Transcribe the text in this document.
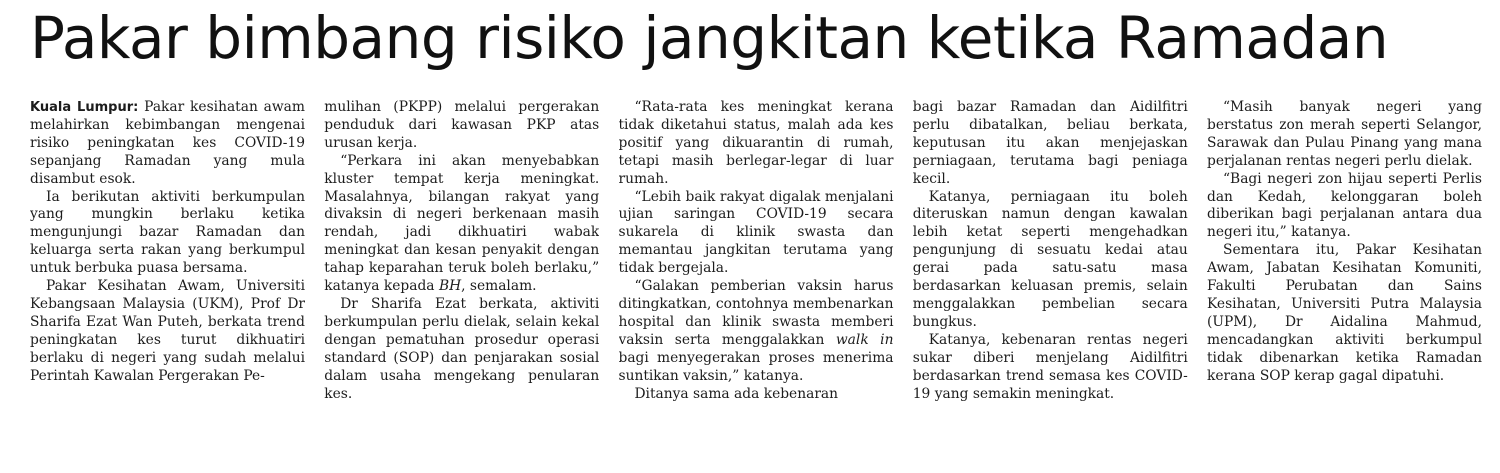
Pakar bimbang risiko jangkitan ketika Ramadan

Kuala Lumpur: Pakar kesihatan awam melahirkan kebimbangan mengenai risiko peningkatan kes COVID-19 sepanjang Ramadan yang mula disambut esok.

Ia berikutan aktiviti berkumpulan yang mungkin berlaku ketika mengunjungi bazar Ramadan dan keluarga serta rakan yang berkumpul untuk berbuka puasa bersama.

Pakar Kesihatan Awam, Universiti Kebangsaan Malaysia (UKM), Prof Dr Sharifa Ezat Wan Puteh, berkata trend peningkatan kes turut dikhuatiri berlaku di negeri yang sudah melalui Perintah Kawalan Pergerakan Pe-

mulihan (PKPP) melalui pergerakan penduduk dari kawasan PKP atas urusan kerja.

“Perkara ini akan menyebabkan kluster tempat kerja meningkat. Masalahnya, bilangan rakyat yang divaksin di negeri berkenaan masih rendah, jadi dikhuatiri wabak meningkat dan kesan penyakit dengan tahap keparahan teruk boleh berlaku,” katanya kepada BH, semalam.

Dr Sharifa Ezat berkata, aktiviti berkumpulan perlu dielak, selain kekal dengan pematuhan prosedur operasi standard (SOP) dan penjarakan sosial dalam usaha mengekang penularan kes.

“Rata-rata kes meningkat kerana tidak diketahui status, malah ada kes positif yang dikuarantin di rumah, tetapi masih berlegar-legar di luar rumah.

“Lebih baik rakyat digalak menjalani ujian saringan COVID-19 secara sukarela di klinik swasta dan memantau jangkitan terutama yang tidak bergejala.

“Galakan pemberian vaksin harus ditingkatkan, contohnya membenarkan hospital dan klinik swasta memberi vaksin serta menggalakkan walk in bagi menyegerakan proses menerima suntikan vaksin,” katanya.

Ditanya sama ada kebenaran

bagi bazar Ramadan dan Aidilfitri perlu dibatalkan, beliau berkata, keputusan itu akan menjejaskan perniagaan, terutama bagi peniaga kecil.

Katanya, perniagaan itu boleh diteruskan namun dengan kawalan lebih ketat seperti mengehadkan pengunjung di sesuatu kedai atau gerai pada satu-satu masa berdasarkan keluasan premis, selain menggalakkan pembelian secara bungkus.

Katanya, kebenaran rentas negeri sukar diberi menjelang Aidilfitri berdasarkan trend semasa kes COVID-19 yang semakin meningkat.

“Masih banyak negeri yang berstatus zon merah seperti Selangor, Sarawak dan Pulau Pinang yang mana perjalanan rentas negeri perlu dielak.

“Bagi negeri zon hijau seperti Perlis dan Kedah, kelonggaran boleh diberikan bagi perjalanan antara dua negeri itu,” katanya.

Sementara itu, Pakar Kesihatan Awam, Jabatan Kesihatan Komuniti, Fakulti Perubatan dan Sains Kesihatan, Universiti Putra Malaysia (UPM), Dr Aidalina Mahmud, mencadangkan aktiviti berkumpul tidak dibenarkan ketika Ramadan kerana SOP kerap gagal dipatuhi.
